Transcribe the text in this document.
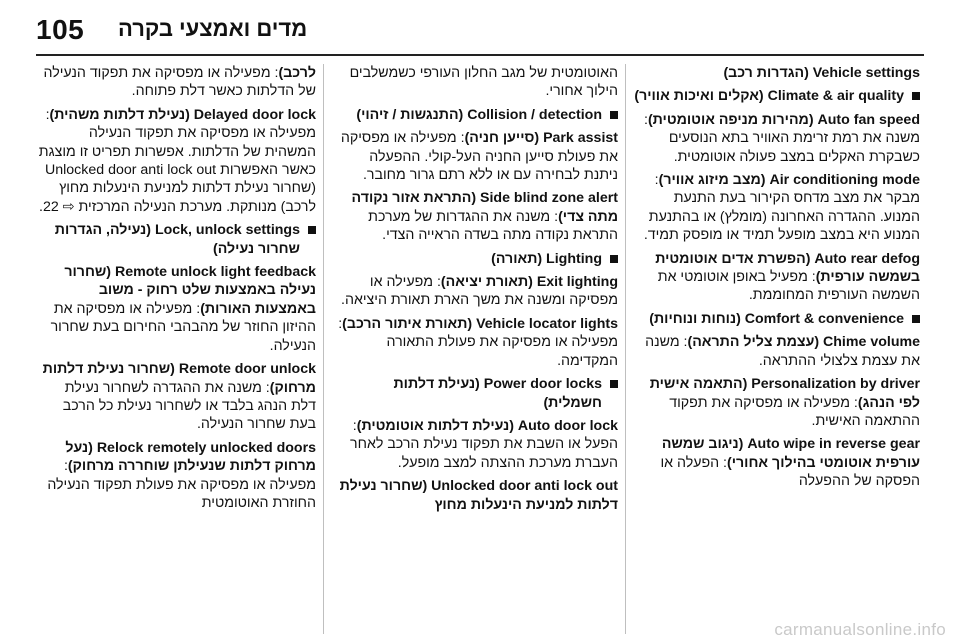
105 מדים ואמצעי בקרה

Vehicle settings (הגדרות רכב)

Climate & air quality (אקלים ואיכות אוויר)

Auto fan speed (מהירות מניפה אוטומטית): משנה את רמת זרימת האוויר בתא הנוסעים כשבקרת האקלים במצב פעולה אוטומטית.

Air conditioning mode (מצב מיזוג אוויר): מבקר את מצב מדחס הקירור בעת התנעת המנוע. ההגדרה האחרונה (מומלץ) או בהתנעת המנוע היא במצב מופעל תמיד או מופסק תמיד.

Auto rear defog (הפשרת אדים אוטומטית בשמשה עורפית): מפעיל באופן אוטומטי את השמשה העורפית המחוממת.

Comfort & convenience (נוחות ונוחיות)

Chime volume (עצמת צליל התראה): משנה את עצמת צלצולי ההתראה.

Personalization by driver (התאמה אישית לפי הנהג): מפעילה או מפסיקה את תפקוד ההתאמה האישית.

Auto wipe in reverse gear (ניגוב שמשה עורפית אוטומטי בהילוך אחורי): הפעלה או הפסקה של ההפעלה

האוטומטית של מגב החלון העורפי כשמשלבים הילוך אחורי.

Collision / detection (התנגשות / זיהוי)

Park assist (סייען חניה): מפעילה או מפסיקה את פעולת סייען החניה העל-קולי. ההפעלה ניתנת לבחירה עם או ללא רתם גרור מחובר.

Side blind zone alert (התראת אזור נקודה מתה צדי): משנה את ההגדרות של מערכת התראת נקודה מתה בשדה הראייה הצדי.

Lighting (תאורה)

Exit lighting (תאורת יציאה): מפעילה או מפסיקה ומשנה את משך הארת תאורת היציאה.

Vehicle locator lights (תאורת איתור הרכב): מפעילה או מפסיקה את פעולת התאורה המקדימה.

Power door locks (נעילת דלתות חשמלית)

Auto door lock (נעילת דלתות אוטומטית): הפעל או השבת את תפקוד נעילת הרכב לאחר העברת מערכת ההצתה למצב מופעל.

Unlocked door anti lock out (שחרור נעילת דלתות למניעת הינעלות מחוץ

לרכב): מפעילה או מפסיקה את תפקוד הנעילה של הדלתות כאשר דלת פתוחה.

Delayed door lock (נעילת דלתות משהית): מפעילה או מפסיקה את תפקוד הנעילה המשהית של הדלתות. אפשרות תפריט זו מוצגת כאשר האפשרות Unlocked door anti lock out (שחרור נעילת דלתות למניעת הינעלות מחוץ לרכב) מנותקת. מערכת הנעילה המרכזית ⇨ 22.

Lock, unlock settings (נעילה, הגדרות שחרור נעילה)

Remote unlock light feedback (שחרור נעילה באמצעות שלט רחוק - משוב באמצעות האורות): מפעילה או מפסיקה את ההיזון החוזר של מהבהבי החירום בעת שחרור הנעילה.

Remote door unlock (שחרור נעילת דלתות מרחוק): משנה את ההגדרה לשחרור נעילת דלת הנהג בלבד או לשחרור נעילת כל הרכב בעת שחרור הנעילה.

Relock remotely unlocked doors (נעל מרחוק דלתות שנעילתן שוחררה מרחוק): מפעילה או מפסיקה את פעולת תפקוד הנעילה החוזרת האוטומטית

carmanualsonline.info
